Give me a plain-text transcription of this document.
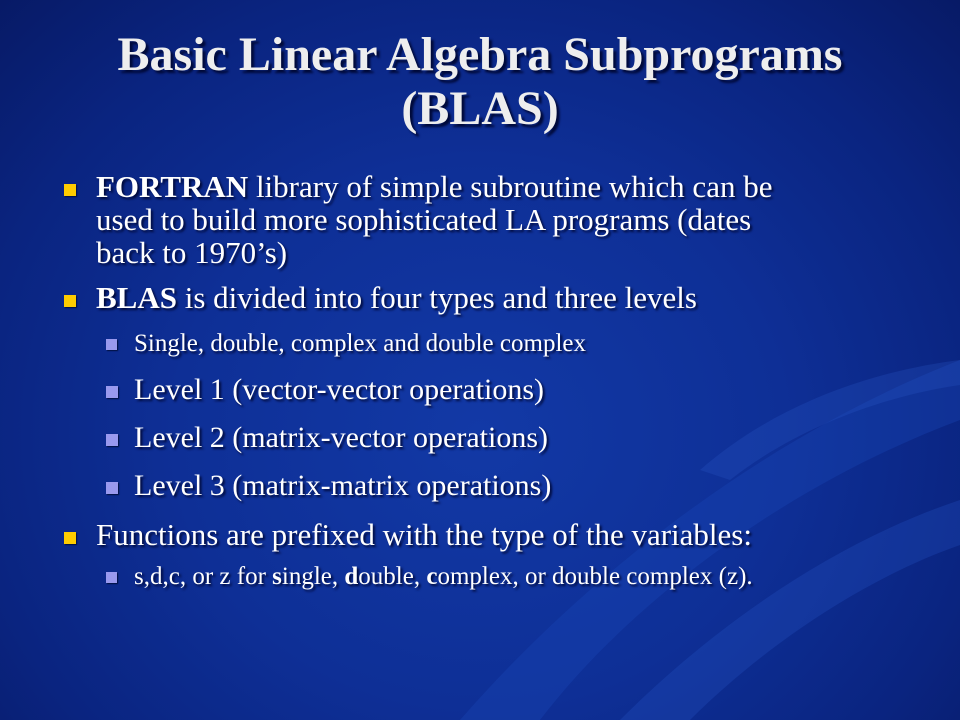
Basic Linear Algebra Subprograms
(BLAS)
FORTRAN library of simple subroutine which can be
used to build more sophisticated LA programs (dates
back to 1970’s)
BLAS is divided into four types and three levels
Single, double, complex and double complex
Level 1 (vector-vector operations)
Level 2 (matrix-vector operations)
Level 3 (matrix-matrix operations)
Functions are prefixed with the type of the variables:
s,d,c, or z for single, double, complex, or double complex (z).
